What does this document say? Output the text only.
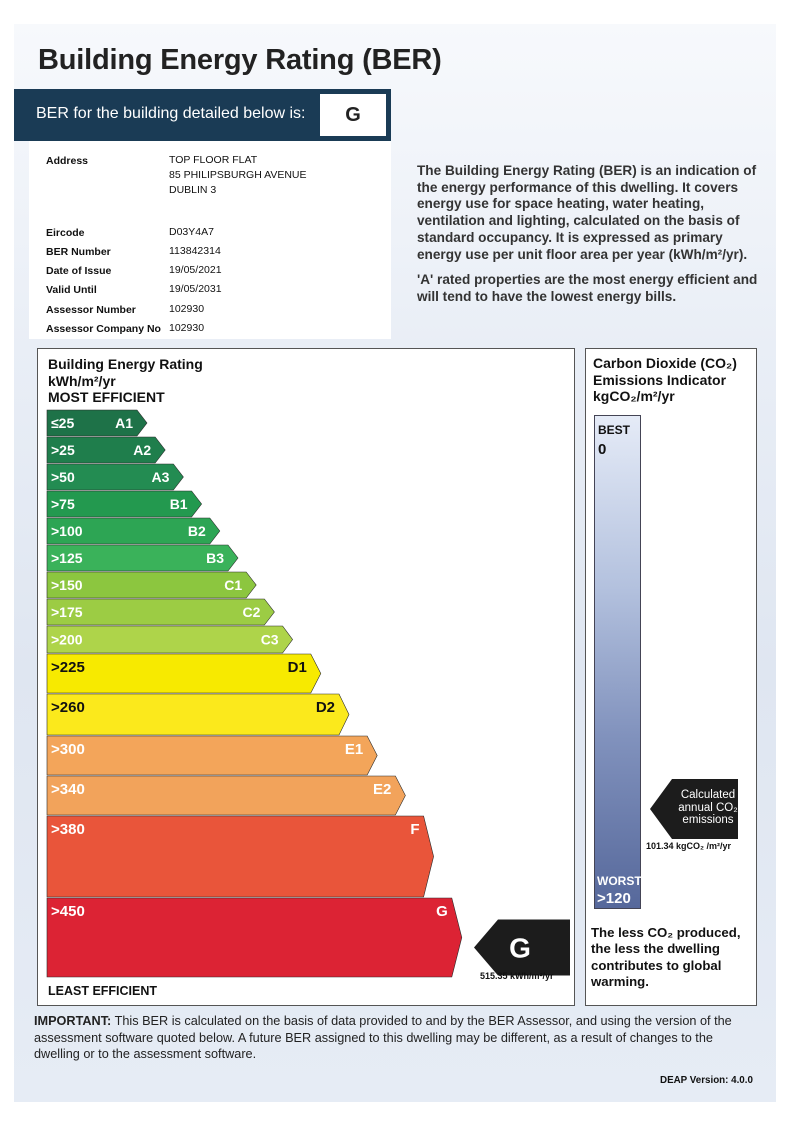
Building Energy Rating (BER)
BER for the building detailed below is:	G
Address	TOP FLOOR FLAT
85 PHILIPSBURGH AVENUE
DUBLIN 3
Eircode	D03Y4A7
BER Number	113842314
Date of Issue	19/05/2021
Valid Until	19/05/2031
Assessor Number	102930
Assessor Company No 102930

The Building Energy Rating (BER) is an indication of the energy performance of this dwelling. It covers energy use for space heating, water heating, ventilation and lighting, calculated on the basis of standard occupancy. It is expressed as primary energy use per unit floor area per year (kWh/m²/yr).

'A' rated properties are the most energy efficient and will tend to have the lowest energy bills.

Building Energy Rating
kWh/m²/yr
MOST EFFICIENT
≤25	A1
>25	A2
>50	A3
>75	B1
>100	B2
>125	B3
>150	C1
>175	C2
>200	C3
>225	D1
>260	D2
>300	E1
>340	E2
>380	F
>450	G
G
515.35 kWh/m²/yr
LEAST EFFICIENT
Carbon Dioxide (CO₂)
Emissions Indicator
kgCO₂/m²/yr
BEST
0
WORST
>120
Calculated
annual CO₂
emissions
101.34 kgCO₂ /m²/yr
The less CO₂ produced, the less the dwelling contributes to global warming.
IMPORTANT: This BER is calculated on the basis of data provided to and by the BER Assessor, and using the version of the assessment software quoted below. A future BER assigned to this dwelling may be different, as a result of changes to the dwelling or to the assessment software.
DEAP Version: 4.0.0
